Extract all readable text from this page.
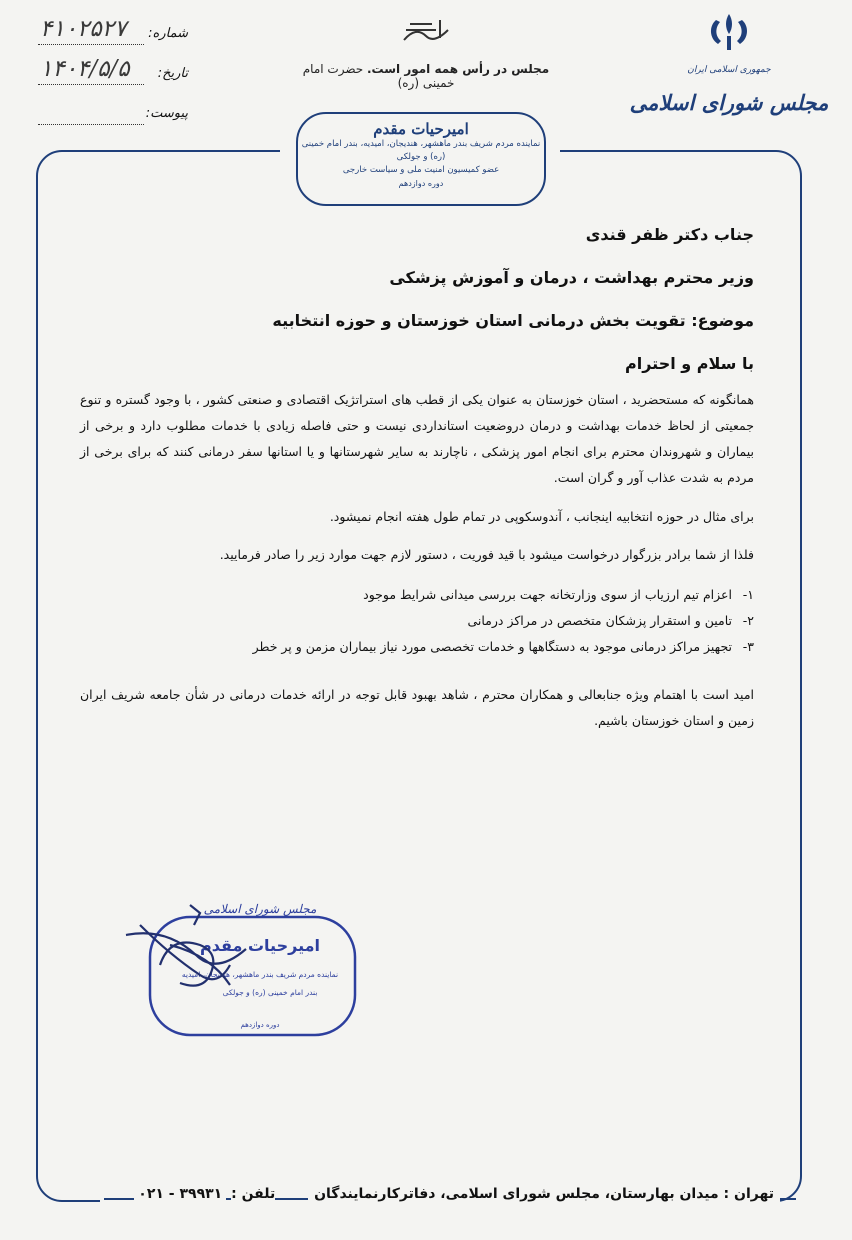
جمهوری اسلامی ایران
مجلس شورای اسلامی
مجلس در رأس همه امور است. حضرت امام خمینی (ره)
امیرحیات مقدم
نماینده مردم شریف بندر ماهشهر، هندیجان، امیدیه، بندر امام خمینی (ره) و جولکی
عضو کمیسیون امنیت ملی و سیاست خارجی
دوره دوازدهم
شماره:
۴۱۰۲۵۲۷
تاریخ:
۱۴۰۴/۵/۵
پیوست:
جناب دکتر ظفر قندی
وزیر محترم بهداشت ، درمان و آموزش پزشکی
موضوع: تقویت بخش درمانی استان خوزستان و حوزه انتخابیه
با سلام و احترام

همانگونه که مستحضرید ، استان خوزستان به عنوان یکی از قطب های استراتژیک اقتصادی و صنعتی کشور ، با وجود گستره و تنوع جمعیتی از لحاظ خدمات بهداشت و درمان دروضعیت استانداردی نیست و حتی فاصله زیادی با خدمات مطلوب دارد و برخی از بیماران و شهروندان محترم برای انجام امور پزشکی ، ناچارند به سایر شهرستانها و یا استانها سفر درمانی کنند که برای برخی از مردم به شدت عذاب آور و گران است.

برای مثال در حوزه انتخابیه اینجانب ، آندوسکوپی در تمام طول هفته انجام نمیشود.

فلذا از شما برادر بزرگوار درخواست میشود با قید فوریت ، دستور لازم جهت موارد زیر را صادر فرمایید.

۱-
اعزام تیم ارزیاب از سوی وزارتخانه جهت بررسی میدانی شرایط موجود
۲-
تامین و استقرار پزشکان متخصص در مراکز درمانی
۳-
تجهیز مراکز درمانی موجود به دستگاهها و خدمات تخصصی مورد نیاز بیماران مزمن و پر خطر

امید است با اهتمام ویژه جنابعالی و همکاران محترم ، شاهد بهبود قابل توجه در ارائه خدمات درمانی در شأن جامعه شریف ایران زمین و استان خوزستان باشیم.

مجلس شورای اسلامی
امیرحیات مقدم
نماینده مردم شریف بندر ماهشهر، هندیجان، امیدیه
بندر امام خمینی (ره) و جولکی
دوره دوازدهم
تهران : میدان بهارستان، مجلس شورای اسلامی، دفاترکارنمایندگان تلفن : ۳۹۹۳۱ - ۰۲۱
